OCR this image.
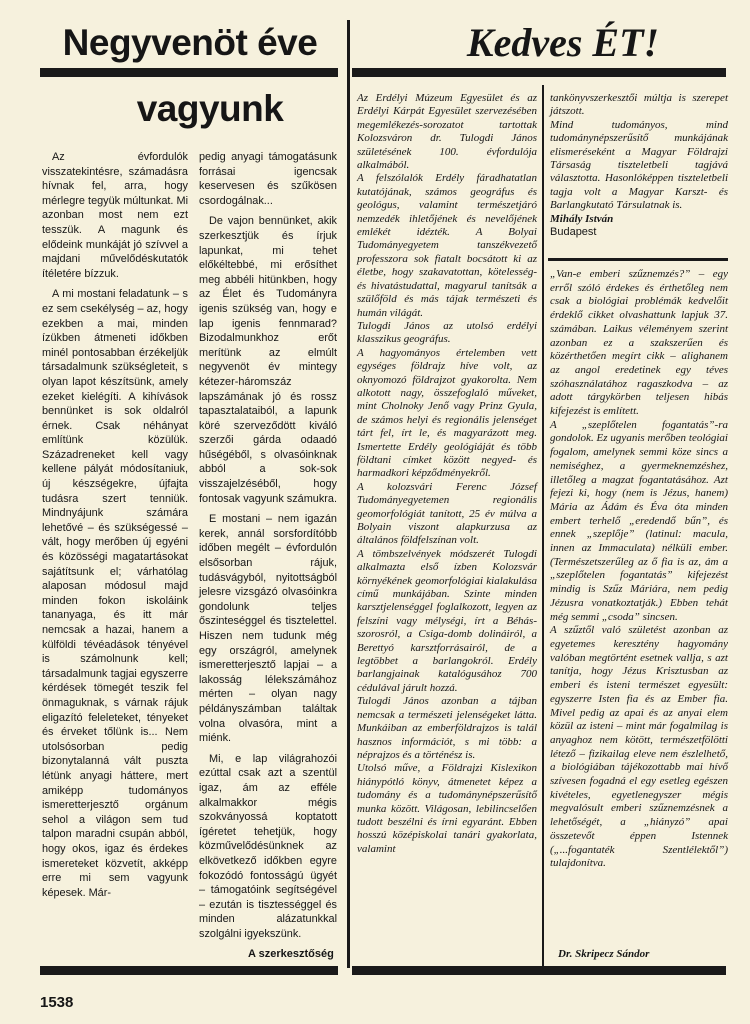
Negyvenöt éve
vagyunk
Kedves ÉT!

Az évfordulók visszatekintésre, számadásra hívnak fel, arra, hogy mérlegre tegyük múltunkat. Mi azonban most nem ezt tesszük. A magunk és elődeink munkáját jó szívvel a majdani művelődéskutatók ítéletére bízzuk.

A mi mostani feladatunk – s ez sem csekélység – az, hogy ezekben a mai, minden ízükben átmeneti időkben minél pontosabban érzékeljük társadalmunk szükségleteit, s olyan lapot készítsünk, amely ezeket kielégíti. A kihívások bennünket is sok oldalról érnek. Csak néhányat említünk közülük. Századreneket kell vagy kellene pályát módosítaniuk, új készségekre, újfajta tudásra szert tenniük. Mindnyájunk számára lehetővé – és szükségessé – vált, hogy merőben új egyéni és közösségi magatartásokat sajátítsunk el; várhatólag alaposan módosul majd minden fokon iskoláink tananyaga, és itt már nemcsak a hazai, hanem a külföldi tévéadások tényével is számolnunk kell; társadalmunk tagjai egyszerre kérdések tömegét teszik fel önmaguknak, s várnak rájuk eligazító feleleteket, tényeket és érveket tőlünk is... Nem utolsósorban pedig bizonytalanná vált puszta létünk anyagi háttere, mert amiképp tudományos ismeretterjesztő orgánum sehol a világon sem tud talpon maradni csupán abból, hogy okos, igaz és érdekes ismereteket közvetít, akképp erre mi sem vagyunk képesek. Már-

pedig anyagi támogatásunk forrásai igencsak keservesen és szűkösen csordogálnak...

De vajon bennünket, akik szerkesztjük és írjuk lapunkat, mi tehet előkéltebbé, mi erősíthet meg abbéli hitünkben, hogy az Élet és Tudományra igenis szükség van, hogy e lap igenis fennmarad? Bizodalmunkhoz erőt merítünk az elmúlt negyvenöt év mintegy kétezer-háromszáz lapszámának jó és rossz tapasztalataiból, a lapunk köré szerveződött kiváló szerzői gárda odaadó hűségéből, s olvasóinknak abból a sok-sok visszajelzéséből, hogy fontosak vagyunk számukra.

E mostani – nem igazán kerek, annál sorsfordítóbb időben megélt – évfordulón elsősorban rájuk, tudásvágyból, nyitottságból jelesre vizsgázó olvasóinkra gondolunk teljes őszinteséggel és tisztelettel. Hiszen nem tudunk még egy országról, amelynek ismeretterjesztő lapjai – a lakosság lélekszámához mérten – olyan nagy példányszámban találtak volna olvasóra, mint a miénk.

Mi, e lap világrahozói ezúttal csak azt a szentül igaz, ám az efféle alkalmakkor mégis szokványossá koptatott ígéretet tehetjük, hogy közművelődésünknek az elkövetkező időkben egyre fokozódó fontosságú ügyét – támogatóink segítségével – ezután is tisztességgel és minden alázatunkkal szolgálni igyekszünk.

A szerkesztőség

Az Erdélyi Múzeum Egyesület és az Erdélyi Kárpát Egyesület szervezésében megemlékezés-sorozatot tartottak Kolozsváron dr. Tulogdi János születésének 100. évfordulója alkalmából.

A felszólalók Erdély fáradhatatlan kutatójának, számos geográfus és geológus, valamint természetjáró nemzedék ihletőjének és nevelőjének emlékét idézték. A Bolyai Tudományegyetem tanszékvezető professzora sok fiatalt bocsátott ki az életbe, hogy szakavatottan, kötelesség- és hivatástudattal, magyarul tanítsák a szülőföld és más tájak természeti és humán világát.

Tulogdi János az utolsó erdélyi klasszikus geográfus.

A hagyományos értelemben vett egységes földrajz híve volt, az oknyomozó földrajzot gyakorolta. Nem alkotott nagy, összefoglaló műveket, mint Cholnoky Jenő vagy Prinz Gyula, de számos helyi és regionális jelenséget tárt fel, írt le, és magyarázott meg. Ismertette Erdély geológiáját és több földtani címket között negyed- és harmadkori képződményekről.

A kolozsvári Ferenc József Tudományegyetemen regionális geomorfológiát tanított, 25 év múlva a Bolyain viszont alapkurzusa az általános földfelszínan volt.

A tömbszelvények módszerét Tulogdi alkalmazta első ízben Kolozsvár környékének geomorfológiai kialakulása című munkájában. Szinte minden karsztjelenséggel foglalkozott, legyen az felszíni vagy mélységi, írt a Béhás-szorosról, a Csiga-domb dolináiról, a Berettyó karsztforrásairól, de a legtöbbet a barlangokról. Erdély barlangjainak katalógusához 700 cédulával járult hozzá.

Tulogdi János azonban a tájban nemcsak a természeti jelenségeket látta. Munkáiban az emberföldrajzos is talál hasznos információt, s mi több: a néprajzos és a történész is.

Utolsó műve, a Földrajzi Kislexikon hiánypótló könyv, átmenetet képez a tudomány és a tudománynépszerűsítő munka között. Világosan, lebilincselően tudott beszélni és írni egyaránt. Ebben hosszú középiskolai tanári gyakorlata, valamint

tankönyvszerkesztői múltja is szerepet játszott.

Mind tudományos, mind tudománynépszerűsítő munkájának elismeréseként a Magyar Földrajzi Társaság tiszteletbeli tagjává választotta. Hasonlóképpen tiszteletbeli tagja volt a Magyar Karszt- és Barlangkutató Társulatnak is.

Mihály István

Budapest

„Van-e emberi szűznemzés?” – egy erről szóló érdekes és érthetőleg nem csak a biológiai problémák kedvelőit érdeklő cikket olvashattunk lapjuk 37. számában. Laikus véleményem szerint azonban ez a szakszerűen és közérthetően megírt cikk – alighanem az angol eredetinek egy téves szóhasználatához ragaszkodva – az adott tárgykörben teljesen hibás kifejezést is említett.

A „szeplőtelen fogantatás”-ra gondolok. Ez ugyanis merőben teológiai fogalom, amelynek semmi köze sincs a nemiséghez, a gyermeknemzéshez, illetőleg a magzat fogantatásához. Azt fejezi ki, hogy (nem is Jézus, hanem) Mária az Ádám és Éva óta minden embert terhelő „eredendő bűn”, és ennek „szeplője” (latinul: macula, innen az Immaculata) nélküli ember. (Természetszerűleg az ő fia is az, ám a „szeplőtelen fogantatás” kifejezést mindig is Szűz Máriára, nem pedig Jézusra vonatkoztatják.) Ebben tehát még semmi „csoda” sincsen.

A szűztől való születést azonban az egyetemes keresztény hagyomány valóban megtörtént esetnek vallja, s azt tanítja, hogy Jézus Krisztusban az emberi és isteni természet egyesült: egyszerre Isten fia és az Ember fia. Mivel pedig az apai és az anyai elem közül az isteni – mint már fogalmilag is anyaghoz nem kötött, természetfölötti létező – fizikailag eleve nem észlelhető, a biológiában tájékozottabb mai hívő szívesen fogadná el egy esetleg egészen kivételes, egyetlenegyszer mégis megvalósult emberi szűznemzésnek a lehetőségét, a „hiányzó” apai összetevőt éppen Istennek („...fogantaték Szentlélektől”) tulajdonítva.

Dr. Skripecz Sándor
1538
